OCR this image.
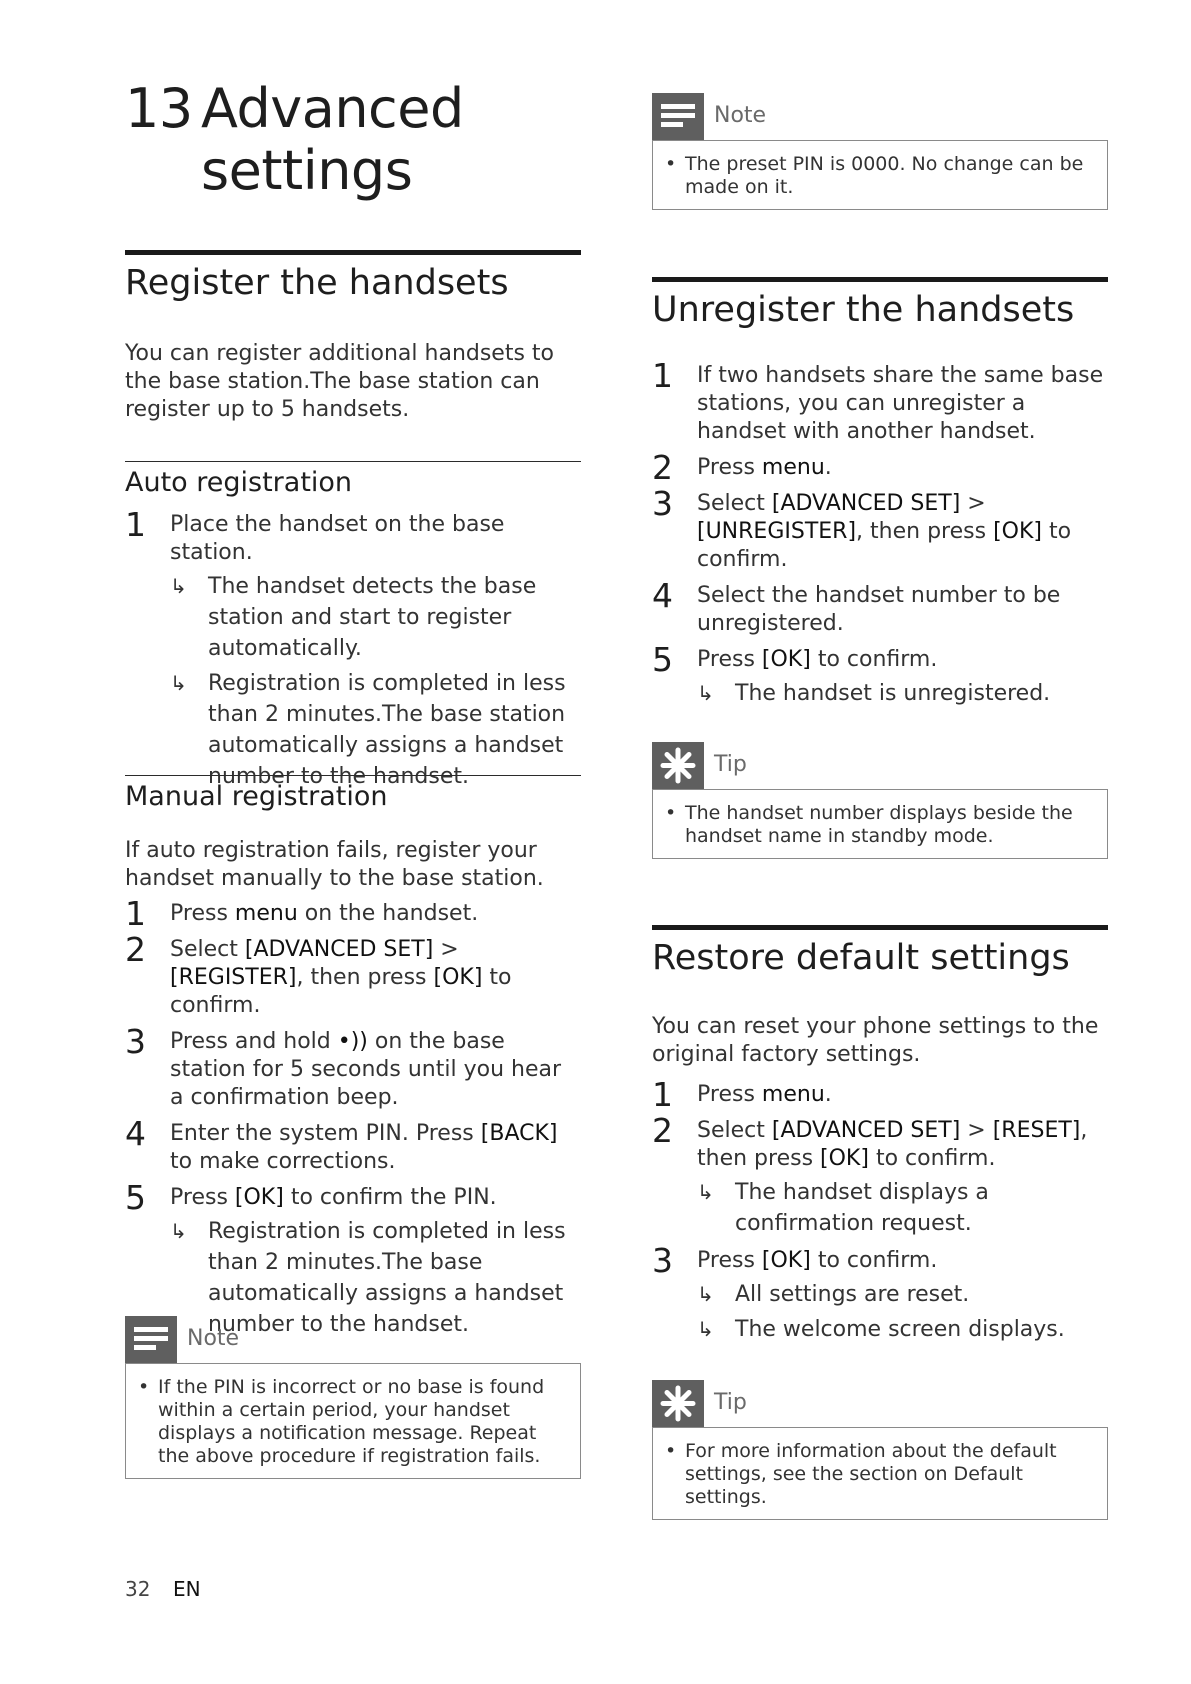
13 Advanced settings
Register the handsets
You can register additional handsets to the base station.The base station can register up to 5 handsets.
Auto registration
1 Place the handset on the base station.
↳ The handset detects the base station and start to register automatically.
↳ Registration is completed in less than 2 minutes.The base station automatically assigns a handset number to the handset.
Manual registration
If auto registration fails, register your handset manually to the base station.
1 Press menu on the handset.
2 Select [ADVANCED SET] > [REGISTER], then press [OK] to confirm.
3 Press and hold •)) on the base station for 5 seconds until you hear a confirmation beep.
4 Enter the system PIN. Press [BACK] to make corrections.
5 Press [OK] to confirm the PIN.
↳ Registration is completed in less than 2 minutes.The base automatically assigns a handset number to the handset.
Note
• If the PIN is incorrect or no base is found within a certain period, your handset displays a notification message. Repeat the above procedure if registration fails.
Note
• The preset PIN is 0000. No change can be made on it.
Unregister the handsets
1 If two handsets share the same base stations, you can unregister a handset with another handset.
2 Press menu.
3 Select [ADVANCED SET] > [UNREGISTER], then press [OK] to confirm.
4 Select the handset number to be unregistered.
5 Press [OK] to confirm.
↳ The handset is unregistered.
Tip
• The handset number displays beside the handset name in standby mode.
Restore default settings
You can reset your phone settings to the original factory settings.
1 Press menu.
2 Select [ADVANCED SET] > [RESET], then press [OK] to confirm.
↳ The handset displays a confirmation request.
3 Press [OK] to confirm.
↳ All settings are reset.
↳ The welcome screen displays.
Tip
• For more information about the default settings, see the section on Default settings.
32 EN
